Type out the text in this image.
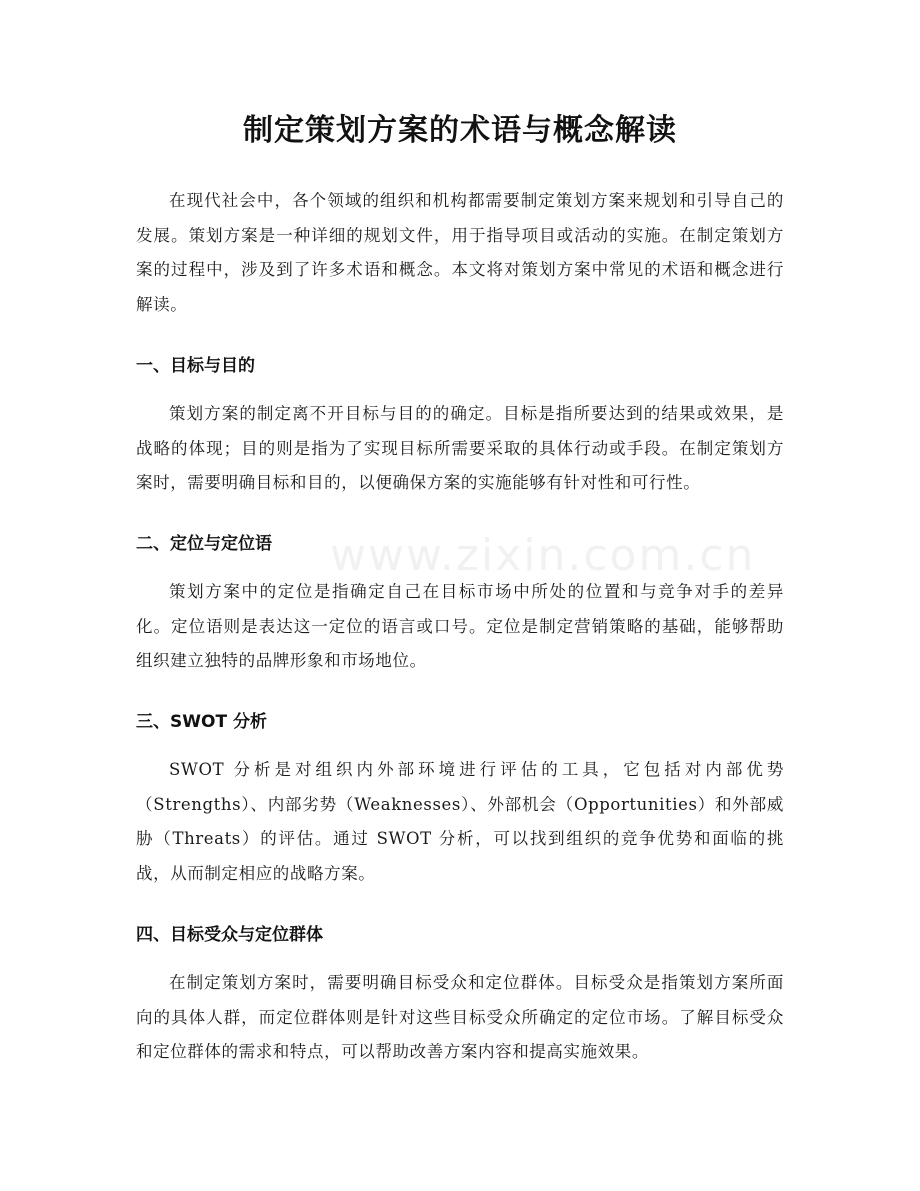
www.zixin.com.cn
制定策划方案的术语与概念解读

在现代社会中，各个领域的组织和机构都需要制定策划方案来规划和引导自己的发展。策划方案是一种详细的规划文件，用于指导项目或活动的实施。在制定策划方案的过程中，涉及到了许多术语和概念。本文将对策划方案中常见的术语和概念进行解读。

一、目标与目的

策划方案的制定离不开目标与目的的确定。目标是指所要达到的结果或效果，是战略的体现；目的则是指为了实现目标所需要采取的具体行动或手段。在制定策划方案时，需要明确目标和目的，以便确保方案的实施能够有针对性和可行性。

二、定位与定位语

策划方案中的定位是指确定自己在目标市场中所处的位置和与竞争对手的差异化。定位语则是表达这一定位的语言或口号。定位是制定营销策略的基础，能够帮助组织建立独特的品牌形象和市场地位。

三、SWOT 分析

SWOT 分析是对组织内外部环境进行评估的工具，它包括对内部优势（Strengths）、内部劣势（Weaknesses）、外部机会（Opportunities）和外部威胁（Threats）的评估。通过 SWOT 分析，可以找到组织的竞争优势和面临的挑战，从而制定相应的战略方案。

四、目标受众与定位群体

在制定策划方案时，需要明确目标受众和定位群体。目标受众是指策划方案所面向的具体人群，而定位群体则是针对这些目标受众所确定的定位市场。了解目标受众和定位群体的需求和特点，可以帮助改善方案内容和提高实施效果。
